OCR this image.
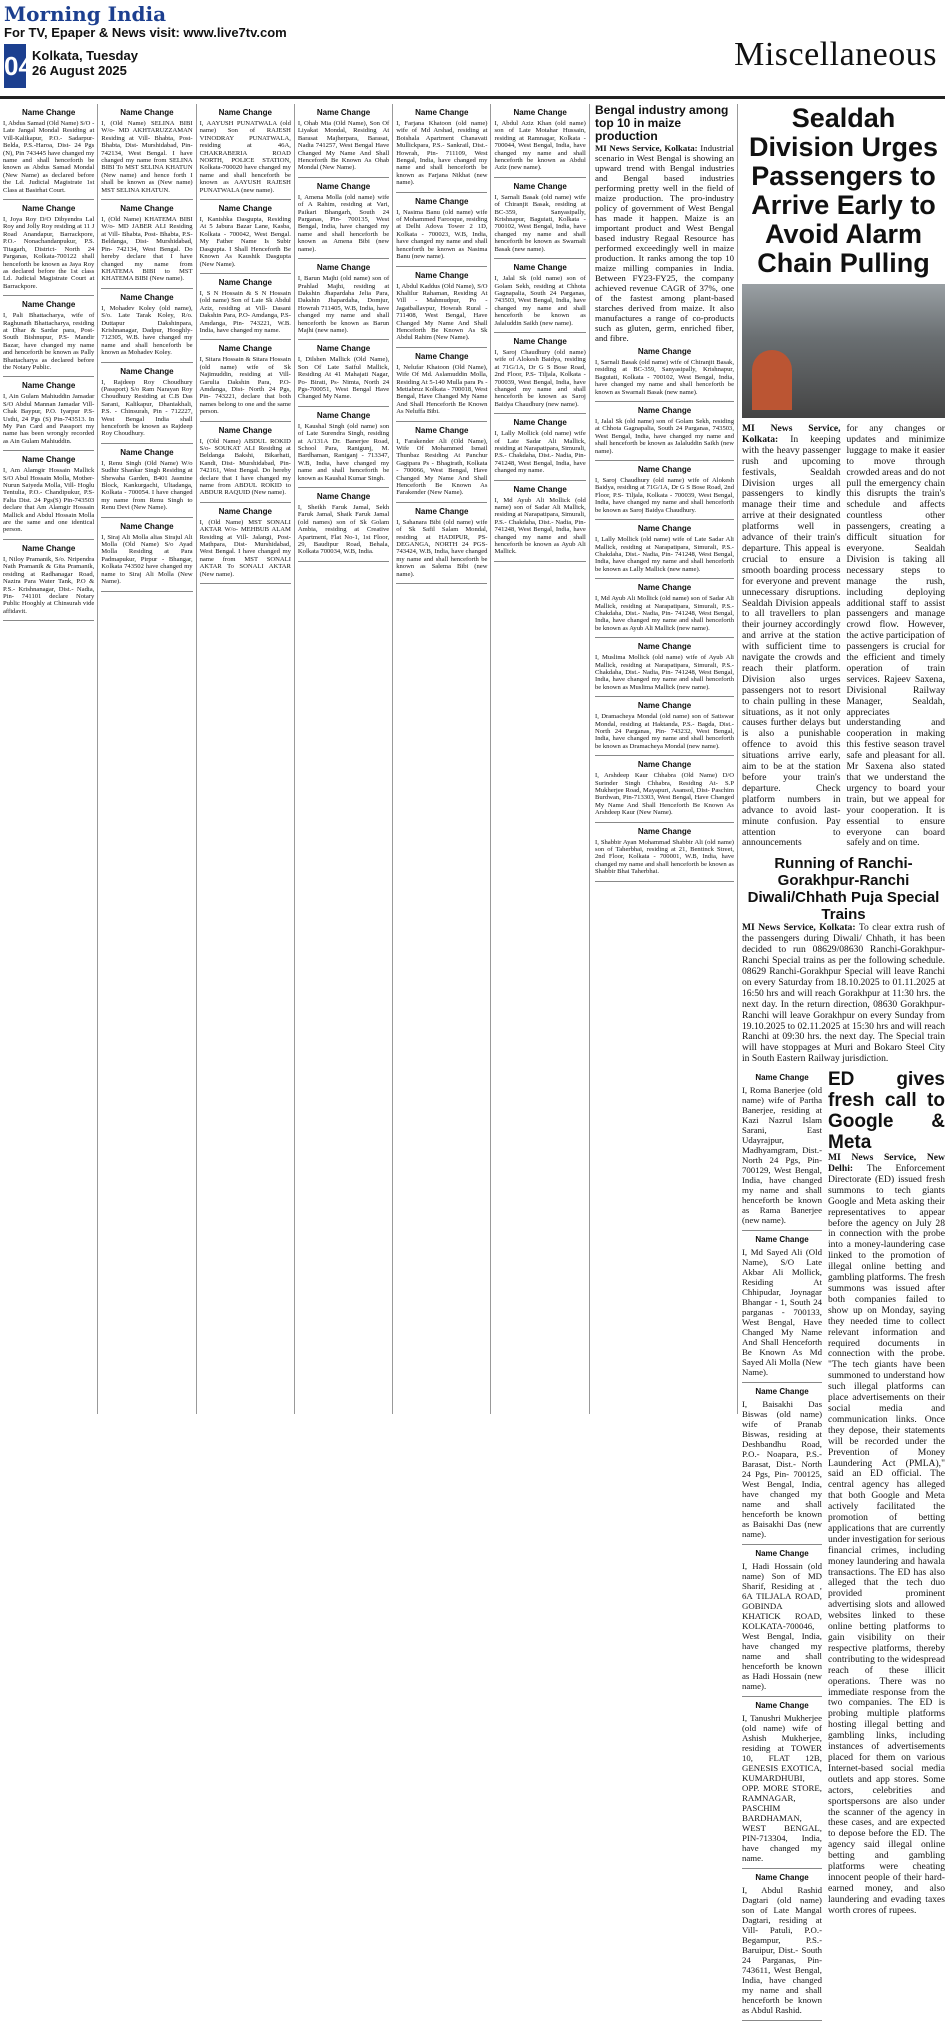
Morning India
For TV, Epaper & News visit: www.live7tv.com
04 Kolkata, Tuesday
26 August 2025	Miscellaneous
Name Change
I, Abdus Samad (Old Name) S/O - Late Jangal Mondal Residing at Vill-Kalikapur, P.O.- Sadarpur-Belda, P.S.-Haroa, Dist- 24 Pgs (N), Pin 743445 have changed my name and shall henceforth be known as Abdus Samad Mondal (New Name) as declared before the Ld. Judicial Magistrate 1st Class at Basirhat Court.
Name Change
I, Joya Roy D/O Dibyendra Lal Roy and Jolly Roy residing at 11 J Road Anandapur, Barrackpore, P.O.- Nonachandanpukur, P.S. Titagarh, District- North 24 Parganas, Kolkata-700122 shall henceforth be known as Jaya Roy as declared before the 1st class Ld. Judicial Magistrate Court at Barrackpore.
Name Change
I, Pali Bhattacharya, wife of Raghunath Bhattacharya, residing at Dhar & Sardar para, Post- South Bishnupur, P.S- Mandir Bazar, have changed my name and henceforth be known as Pally Bhattacharya as declared before the Notary Public.
Name Change
I, Ain Gulam Mahiuddin Jamadar S/O Abdul Mannan Jamadar Vill- Chak Baypur, P.O. Iyarpur P.S- Usthi, 24 Pgs (S) Pin-743513. In My Pan Card and Passport my name has been wrongly recorded as Ain Gulam Mahiuddin.
Name Change
I, Am Alamgir Hossain Mallick S/O Abul Hossain Molla, Mother- Nurun Saiyeda Molla, Vill- Hoglu Tentulia, P.O.- Chandipukur, P.S- Falta Dist. 24 Pgs(S) Pin-743503 declare that Am Alamgir Hossain Mallick and Abdul Hossain Molla are the same and one identical person.
Name Change
I, Niloy Pramanik, S/o. Nripendra Nath Pramanik & Gita Pramanik, residing at Radhanagar Road, Nazira Para Water Tank, P.O & P.S.- Krishnanagar, Dist.- Nadia, Pin- 741101 declare Notary Public Hooghly at Chinsurah vide affidavit.
Name Change
I, (Old Name) SELINA BIBI W/o- MD AKHTARUZZAMAN Residing at Vill- Bhabta, Post- Bhabta, Dist- Murshidabad, Pin- 742134, West Bengal. I have changed my name from SELINA BIBI To MST SELINA KHATUN (New name) and hence forth I shall be known as (New name) MST SELINA KHATUN.
Name Change
I, (Old Name) KHATEMA BIBI W/o- MD JABER ALI Residing at Vill- Bhabta, Post- Bhabta, P.S- Beldanga, Dist- Murshidabad, Pin- 742134, West Bengal. Do hereby declare that I have changed my name from KHATEMA BIBI to MST KHATEMA BIBI (New name).
Name Change
I, Mohadev Koley (old name), S/o. Late Tarak Koley, R/o. Duttapur Dakshinpara, Krishnanagar, Dadpur, Hooghly-712305, W.B. have changed my name and shall henceforth be known as Mohadev Koley.
Name Change
I, Rajdeep Roy Choudhury (Passport) S/o Ram Narayan Roy Choudhury Residing at C.B Das Sarani, Kalikapur, Dhaniakhali, P.S. - Chinsurah, Pin - 712227, West Bengal India shall henceforth be known as Rajdeep Roy Choudhury.
Name Change
I, Renu Singh (Old Name) W/o Sudhir Shankar Singh Residing at Shewaha Garden, B401 Jasmine Block, Kankurgachi, Ultadanga, Kolkata - 700054. I have changed my name from Renu Singh to Renu Devi (New Name).
Name Change
I, Siraj Ali Molla alias Sirajul Ali Molla (Old Name) S/o Ayad Molla Residing at Para Padmapukur, Pirpur - Bhangar, Kolkata 743502 have changed my name to Siraj Ali Molla (New Name).
Name Change
I, AAYUSH PUNATWALA (old name) Son of RAJESH VINODRAY PUNATWALA, residing at 46A, CHAKRABERIA ROAD NORTH, POLICE STATION, Kolkata-700020 have changed my name and shall henceforth be known as AAYUSH RAJESH PUNATWALA (new name).
Name Change
I, Kanishka Dasgupta, Residing At 5 Jabura Bazar Lane, Kasba, Kolkata - 700042, West Bengal. My Father Name Is Subir Dasgupta. I Shall Henceforth Be Known As Kaushik Dasgupta (New Name).
Name Change
I, S N Hossain & S N Hossain (old name) Son of Late Sk Abdul Aziz, residing at Vill- Dasani Dakshin Para, P.O- Amdanga, P.S- Amdanga, Pin- 743221, W.B. India, have changed my name.
Name Change
I, Sitara Hossain & Sitara Hossain (old name) wife of Sk Najimuddin, residing at Vill- Garulia Dakshin Para, P.O- Amdanga, Dist- North 24 Pgs, Pin- 743221, declare that both names belong to one and the same person.
Name Change
I, (Old Name) ABDUL ROKID S/o- SOUKAT ALI Residing at Beldanga Bakshi, Bikarhati, Kandi, Dist- Murshidabad, Pin- 742161, West Bengal. Do hereby declare that I have changed my name from ABDUL ROKID to ABDUR RAQUID (New name).
Name Change
I, (Old Name) MST SONALI AKTAR W/o- MEHBUB ALAM Residing at Vill- Jalangi, Post- Mathpara, Dist- Murshidabad, West Bengal. I have changed my name from MST SONALI AKTAR To SONALI AKTAR (New name).
Name Change
I, Ohab Mia (Old Name), Son Of Liyakat Mondal, Residing At Barasat Majherpara, Barasat, Nadia 741257, West Bengal Have Changed My Name And Shall Henceforth Be Known As Ohab Mondal (New Name).
Name Change
I, Amena Molla (old name) wife of A Rahim, residing at Vari, Paikari Bhangarh, South 24 Parganas, Pin- 700135, West Bengal, India, have changed my name and shall henceforth be known as Amena Bibi (new name).
Name Change
I, Barun Majhi (old name) son of Prahlad Majhi, residing at Dakshin Jhapardaha Jelia Para, Dakshin Jhapardaha, Domjur, Howrah 711405, W.B, India, have changed my name and shall henceforth be known as Barun Majhi (new name).
Name Change
I, Dilshen Mallick (Old Name), Son Of Late Saiful Mallick, Residing At 41 Mahajati Nagar, Po- Birati, Ps- Nimta, North 24 Pgs-700051, West Bengal Have Changed My Name.
Name Change
I, Kaushal Singh (old name) son of Late Surendra Singh, residing at A/131A Dr. Banerjee Road, School Para, Ranigunj, M. Bardhaman, Raniganj - 713347, W.B, India, have changed my name and shall henceforth be known as Kaushal Kumar Singh.
Name Change
I, Sheikh Faruk Jamal, Sekh Faruk Jamal, Shaik Faruk Jamal (old names) son of Sk Golam Ambia, residing at Creative Apartment, Flat No-1, 1st Floor, 29, Baudipur Road, Behala, Kolkata 700034, W.B, India.
Name Change
I, Farjana Khatoon (old name) wife of Md Arshad, residing at Boishala Apartment Chanavati Mullickpara, P.S.- Sankrail, Dist.- Howrah, Pin- 711109, West Bengal, India, have changed my name and shall henceforth be known as Farjana Nikhat (new name).
Name Change
I, Nasima Banu (old name) wife of Mohammed Farooque, residing at Delhi Adova Tower 2 1D, Kolkata - 700023, W.B, India, have changed my name and shall henceforth be known as Nasima Banu (new name).
Name Change
I, Abdul Kaddus (Old Name), S/O Khalilur Rahaman, Residing At Vill - Mahmudpur, Po - Jagatballavpur, Howrah Rural - 711408, West Bengal, Have Changed My Name And Shall Henceforth Be Known As Sk Abdul Rahim (New Name).
Name Change
I, Nelufar Khatoon (Old Name), Wife Of Md. Aslamuddin Molla, Residing At 5-140 Mulla para Ps - Metiabruz Kolkata - 700018, West Bengal, Have Changed My Name And Shall Henceforth Be Known As Neluffa Bibi.
Name Change
I, Farakender Ali (Old Name), Wife Of Mohammed Ismail Thunbaz Residing At Panchur Gagipara Ps - Bhagirath, Kolkata - 700066, West Bengal, Have Changed My Name And Shall Henceforth Be Known As Farakender (New Name).
Name Change
I, Sahanara Bibi (old name) wife of Sk Safil Salam Mondal, residing at HADIPUR, PS-DEGANGA, NORTH 24 PGS-743424, W.B, India, have changed my name and shall henceforth be known as Salema Bibi (new name).
Name Change
I, Abdul Aziz Khan (old name) son of Late Motahar Hussain, residing at Ramnagar, Kolkata - 700044, West Bengal, India, have changed my name and shall henceforth be known as Abdul Aziz (new name).
Name Change
I, Sarnali Basak (old name) wife of Chiranjit Basak, residing at BC-359, Sanyasipally, Krishnapur, Baguiati, Kolkata - 700102, West Bengal, India, have changed my name and shall henceforth be known as Swarnali Basak (new name).
Name Change
I, Jalal Sk (old name) son of Golam Sekh, residing at Chhota Gagnapalia, South 24 Parganas, 743503, West Bengal, India, have changed my name and shall henceforth be known as Jalaluddin Saikh (new name).
Name Change
I, Saroj Chaudhury (old name) wife of Alokesh Baidya, residing at 71G/1A, Dr G S Bose Road, 2nd Floor, P.S- Tiljala, Kolkata - 700039, West Bengal, India, have changed my name and shall henceforth be known as Saroj Baidya Chaudhury (new name).
Name Change
I, Lally Mollick (old name) wife of Late Sadar Ali Mallick, residing at Narapatipara, Simurali, P.S.- Chakdaha, Dist.- Nadia, Pin- 741248, West Bengal, India, have changed my name.
Name Change
I, Md Ayub Ali Mollick (old name) son of Sadar Ali Mallick, residing at Narapatipara, Simurali, P.S.- Chakdaha, Dist.- Nadia, Pin- 741248, West Bengal, India, have changed my name and shall henceforth be known as Ayub Ali Mallick.
Bengal industry among top 10 in maize production
MI News Service, Kolkata: Industrial scenario in West Bengal is showing an upward trend with Bengal industries and Bengal based industries performing pretty well in the field of maize production. The pro-industry policy of government of West Bengal has made it happen. Maize is an important product and West Bengal based industry Regaal Resource has performed exceedingly well in maize production. It ranks among the top 10 maize milling companies in India. Between FY23-FY25, the company achieved revenue CAGR of 37%, one of the fastest among plant-based starches derived from maize. It also manufactures a range of co-products such as gluten, germ, enriched fiber, and fibre.
Name Change
I, Sarnali Basak (old name) wife of Chiranjit Basak, residing at BC-359, Sanyasipally, Krishnapur, Baguiati, Kolkata - 700102, West Bengal, India, have changed my name and shall henceforth be known as Swarnali Basak (new name).
Name Change
I, Jalal Sk (old name) son of Golam Sekh, residing at Chhota Gagnapalia, South 24 Parganas, 743503, West Bengal, India, have changed my name and shall henceforth be known as Jalaluddin Saikh (new name).
Name Change
I, Saroj Chaudhury (old name) wife of Alokesh Baidya, residing at 71G/1A, Dr G S Bose Road, 2nd Floor, P.S- Tiljala, Kolkata - 700039, West Bengal, India, have changed my name and shall henceforth be known as Saroj Baidya Chaudhury.
Name Change
I, Lally Mollick (old name) wife of Late Sadar Ali Mallick, residing at Narapatipara, Simurali, P.S.- Chakdaha, Dist.- Nadia, Pin- 741248, West Bengal, India, have changed my name and shall henceforth be known as Lally Mallick (new name).
Name Change
I, Md Ayub Ali Mollick (old name) son of Sadar Ali Mallick, residing at Narapatipara, Simurali, P.S.- Chakdaha, Dist.- Nadia, Pin- 741248, West Bengal, India, have changed my name and shall henceforth be known as Ayub Ali Mallick (new name).
Name Change
I, Muslima Mollick (old name) wife of Ayub Ali Mallick, residing at Narapatipara, Simurali, P.S.- Chakdaha, Dist.- Nadia, Pin- 741248, West Bengal, India, have changed my name and shall henceforth be known as Muslima Mallick (new name).
Name Change
I, Dramacheya Mondal (old name) son of Satiswar Mondal, residing at Haktanda, P.S.- Bagda, Dist.- North 24 Parganas, Pin- 743232, West Bengal, India, have changed my name and shall henceforth be known as Dramacheya Mondal (new name).
Name Change
I, Arshdeep Kaur Chhabra (Old Name) D/O Surinder Singh Chhabra, Residing At- S.P Mukherjee Road, Mayapuri, Asansol, Dist- Paschim Burdwan, Pin-713303, West Bengal, Have Changed My Name And Shall Henceforth Be Known As Arshdeep Kaur (New Name).
Name Change
I, Shabbir Ayan Mohammad Shabbir Ali (old name) son of Taherbhai, residing at 21, Bentinck Street, 2nd Floor, Kolkata - 700001, W.B, India, have changed my name and shall henceforth be known as Shabbir Bhai Taherbhai.
Sealdah Division Urges Passengers to Arrive Early to Avoid Alarm Chain Pulling
MI News Service, Kolkata: In keeping with the heavy passenger rush and upcoming festivals, Sealdah Division urges all passengers to kindly manage their time and arrive at their designated platforms well in advance of their train's departure. This appeal is crucial to ensure a smooth boarding process for everyone and prevent unnecessary disruptions. Sealdah Division appeals to all travellers to plan their journey accordingly and arrive at the station with sufficient time to navigate the crowds and reach their platform. Division also urges passengers not to resort to chain pulling in these situations, as it not only causes further delays but is also a punishable offence to avoid this situations arrive early, aim to be at the station before your train's departure. Check platform numbers in advance to avoid last-minute confusion. Pay attention to announcements
for any changes or updates and minimize luggage to make it easier to move through crowded areas and do not pull the emergency chain this disrupts the train's schedule and affects countless other passengers, creating a difficult situation for everyone. Sealdah Division is taking all necessary steps to manage the rush, including deploying additional staff to assist passengers and manage crowd flow. However, the active participation of passengers is crucial for the efficient and timely operation of train services. Rajeev Saxena, Divisional Railway Manager, Sealdah, appreciates understanding and cooperation in making this festive season travel safe and pleasant for all. Mr Saxena also stated that we understand the urgency to board your train, but we appeal for your cooperation. It is essential to ensure everyone can board safely and on time.
Running of Ranchi-Gorakhpur-Ranchi Diwali/Chhath Puja Special Trains
MI News Service, Kolkata: To clear extra rush of the passengers during Diwali/ Chhath, it has been decided to run 08629/08630 Ranchi-Gorakhpur-Ranchi Special trains as per the following schedule. 08629 Ranchi-Gorakhpur Special will leave Ranchi on every Saturday from 18.10.2025 to 01.11.2025 at 16:50 hrs and will reach Gorakhpur at 11:30 hrs. the next day. In the return direction, 08630 Gorakhpur-Ranchi will leave Gorakhpur on every Sunday from 19.10.2025 to 02.11.2025 at 15:30 hrs and will reach Ranchi at 09:30 hrs. the next day. The Special train will have stoppages at Muri and Bokaro Steel City in South Eastern Railway jurisdiction.
Name Change
I, Roma Banerjee (old name) wife of Partha Banerjee, residing at Kazi Nazrul Islam Sarani, East Udayrajpur, Madhyamgram, Dist.- North 24 Pgs, Pin- 700129, West Bengal, India, have changed my name and shall henceforth be known as Rama Banerjee (new name).
Name Change
I, Md Sayed Ali (Old Name), S/O Late Akbar Ali Mollick, Residing At Chhipudar, Joynagar Bhangar - 1, South 24 parganas - 700133, West Bengal, Have Changed My Name And Shall Henceforth Be Known As Md Sayed Ali Molla (New Name).
Name Change
I, Baisakhi Das Biswas (old name) wife of Pranab Biswas, residing at Deshbandhu Road, P.O.- Noapara, P.S.- Barasat, Dist.- North 24 Pgs, Pin- 700125, West Bengal, India, have changed my name and shall henceforth be known as Baisakhi Das (new name).
Name Change
I, Hadi Hossain (old name) Son of MD Sharif, Residing at , 6A TILJALA ROAD, GOBINDA KHATICK ROAD, KOLKATA-700046, West Bengal, India, have changed my name and shall henceforth be known as Hadi Hossain (new name).
Name Change
I, Tanushri Mukherjee (old name) wife of Ashish Mukherjee, residing at TOWER 10, FLAT 12B, GENESIS EXOTICA, KUMARDHUBI, OPP. MORE STORE, RAMNAGAR, PASCHIM BARDHAMAN, WEST BENGAL, PIN-713304, India, have changed my name.
Name Change
I, Abdul Rashid Dagtari (old name) son of Late Mangal Dagtari, residing at Vill- Patuli, P.O.- Begampur, P.S.- Baruipur, Dist.- South 24 Parganas, Pin- 743611, West Bengal, India, have changed my name and shall henceforth be known as Abdul Rashid.
ED gives fresh call to Google & Meta
MI News Service, New Delhi: The Enforcement Directorate (ED) issued fresh summons to tech giants Google and Meta asking their representatives to appear before the agency on July 28 in connection with the probe into a money-laundering case linked to the promotion of illegal online betting and gambling platforms. The fresh summons was issued after both companies failed to show up on Monday, saying they needed time to collect relevant information and required documents in connection with the probe. "The tech giants have been summoned to understand how such illegal platforms can place advertisements on their social media and communication links. Once they depose, their statements will be recorded under the Prevention of Money Laundering Act (PMLA)," said an ED official. The central agency has alleged that both Google and Meta actively facilitated the promotion of betting applications that are currently under investigation for serious financial crimes, including money laundering and hawala transactions. The ED has also alleged that the tech duo provided prominent advertising slots and allowed websites linked to these online betting platforms to gain visibility on their respective platforms, thereby contributing to the widespread reach of these illicit operations. There was no immediate response from the two companies. The ED is probing multiple platforms hosting illegal betting and gambling links, including instances of advertisements placed for them on various Internet-based social media outlets and app stores. Some actors, celebrities and sportspersons are also under the scanner of the agency in these cases, and are expected to depose before the ED. The agency said illegal online betting and gambling platforms were cheating innocent people of their hard-earned money, and also laundering and evading taxes worth crores of rupees.
